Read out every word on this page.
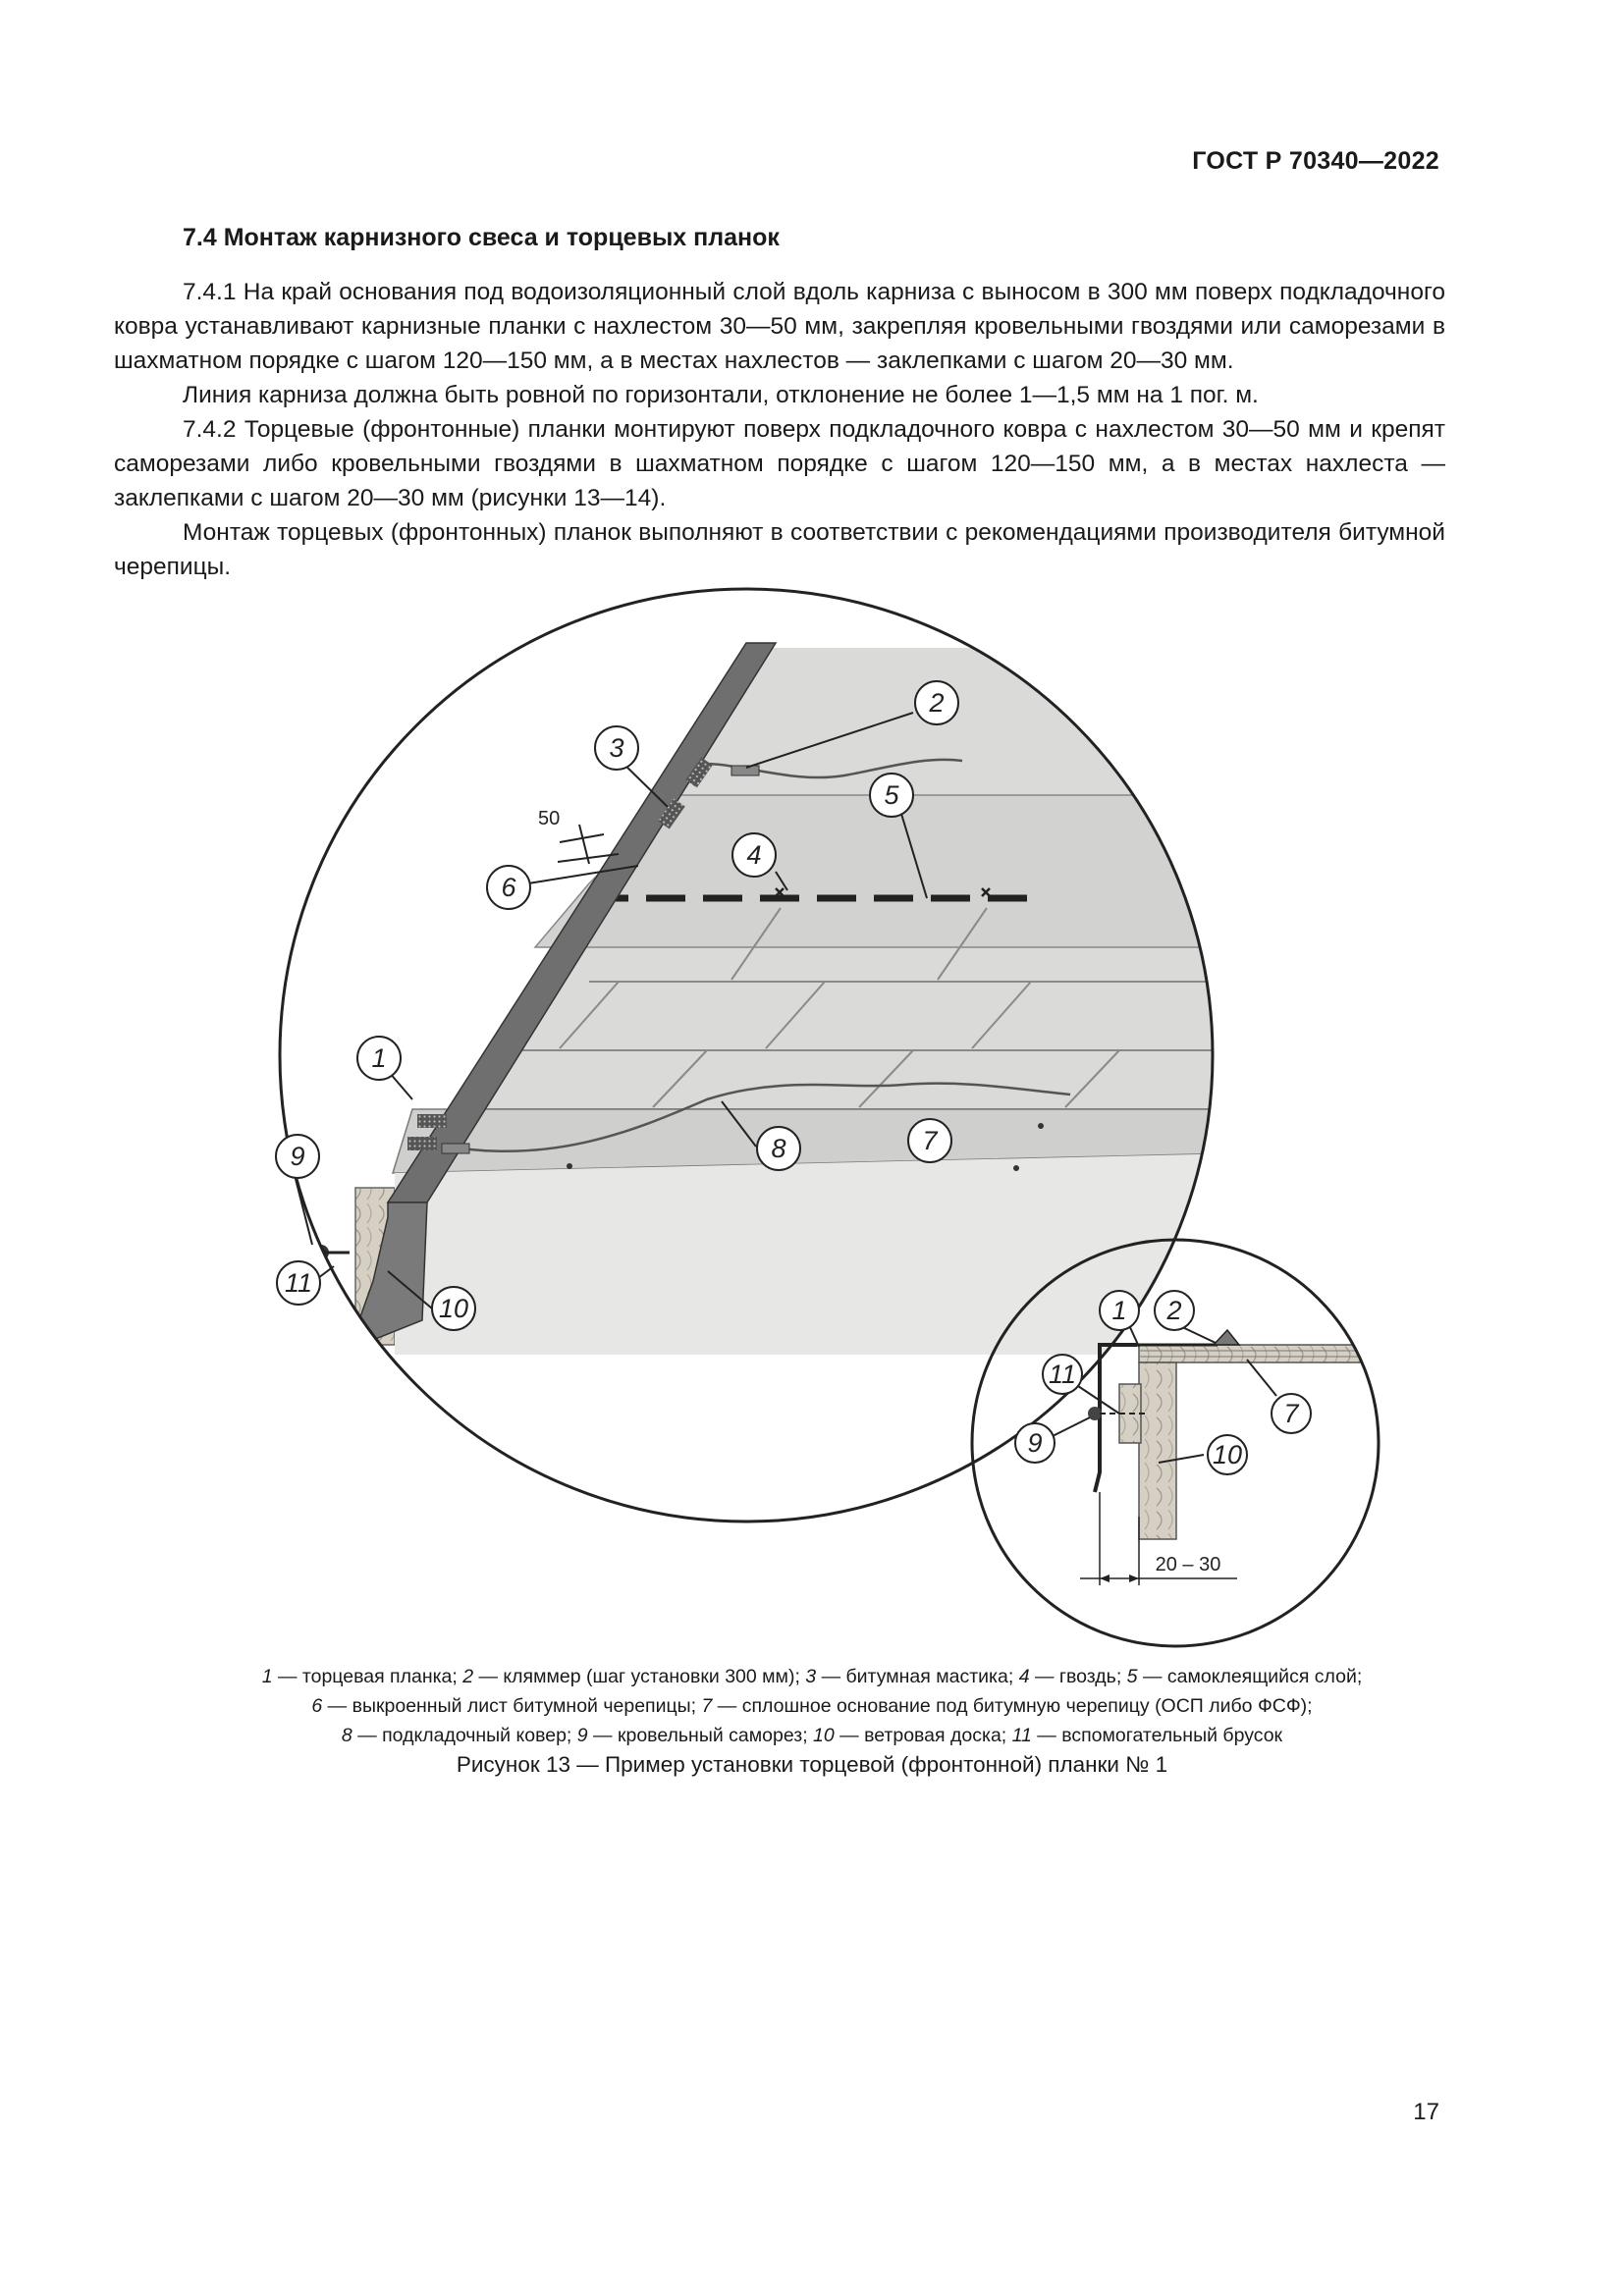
ГОСТ Р 70340—2022
7.4 Монтаж карнизного свеса и торцевых планок

7.4.1 На край основания под водоизоляционный слой вдоль карниза с выносом в 300 мм поверх подкладочного ковра устанавливают карнизные планки с нахлестом 30—50 мм, закрепляя кровельными гвоздями или саморезами в шахматном порядке с шагом 120—150 мм, а в местах нахлестов — заклепками с шагом 20—30 мм.

Линия карниза должна быть ровной по горизонтали, отклонение не более 1—1,5 мм на 1 пог. м.

7.4.2 Торцевые (фронтонные) планки монтируют поверх подкладочного ковра с нахлестом 30—50 мм и крепят саморезами либо кровельными гвоздями в шахматном порядке с шагом 120—150 мм, а в местах нахлеста — заклепками с шагом 20—30 мм (рисунки 13—14).

Монтаж торцевых (фронтонных) планок выполняют в соответствии с рекомендациями производителя битумной черепицы.

50
2
3
5
4
6
1
8	7
9
11
10
20 – 30
1 2
11
7
9	10
1 — торцевая планка; 2 — кляммер (шаг установки 300 мм); 3 — битумная мастика; 4 — гвоздь; 5 — самоклеящийся слой;
6 — выкроенный лист битумной черепицы; 7 — сплошное основание под битумную черепицу (ОСП либо ФСФ);
8 — подкладочный ковер; 9 — кровельный саморез; 10 — ветровая доска; 11 — вспомогательный брусок
Рисунок 13 — Пример установки торцевой (фронтонной) планки № 1
17
